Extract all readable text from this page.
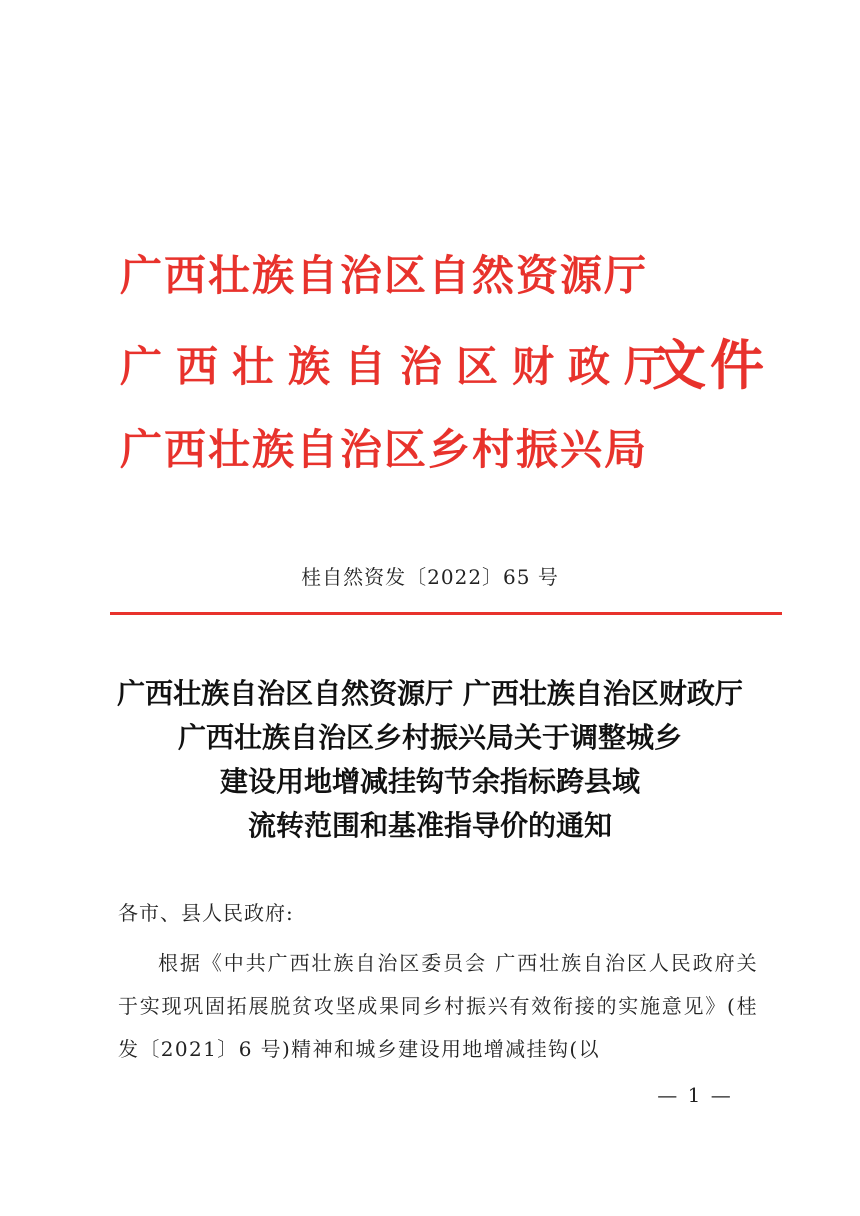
广西壮族自治区自然资源厅
广西壮族自治区财政厅
广西壮族自治区乡村振兴局
文件
桂自然资发〔2022〕65 号
广西壮族自治区自然资源厅 广西壮族自治区财政厅
广西壮族自治区乡村振兴局关于调整城乡
建设用地增减挂钩节余指标跨县域
流转范围和基准指导价的通知
各市、县人民政府:
根据《中共广西壮族自治区委员会 广西壮族自治区人民政府关于实现巩固拓展脱贫攻坚成果同乡村振兴有效衔接的实施意见》(桂发〔2021〕6 号)精神和城乡建设用地增减挂钩(以
— 1 —
